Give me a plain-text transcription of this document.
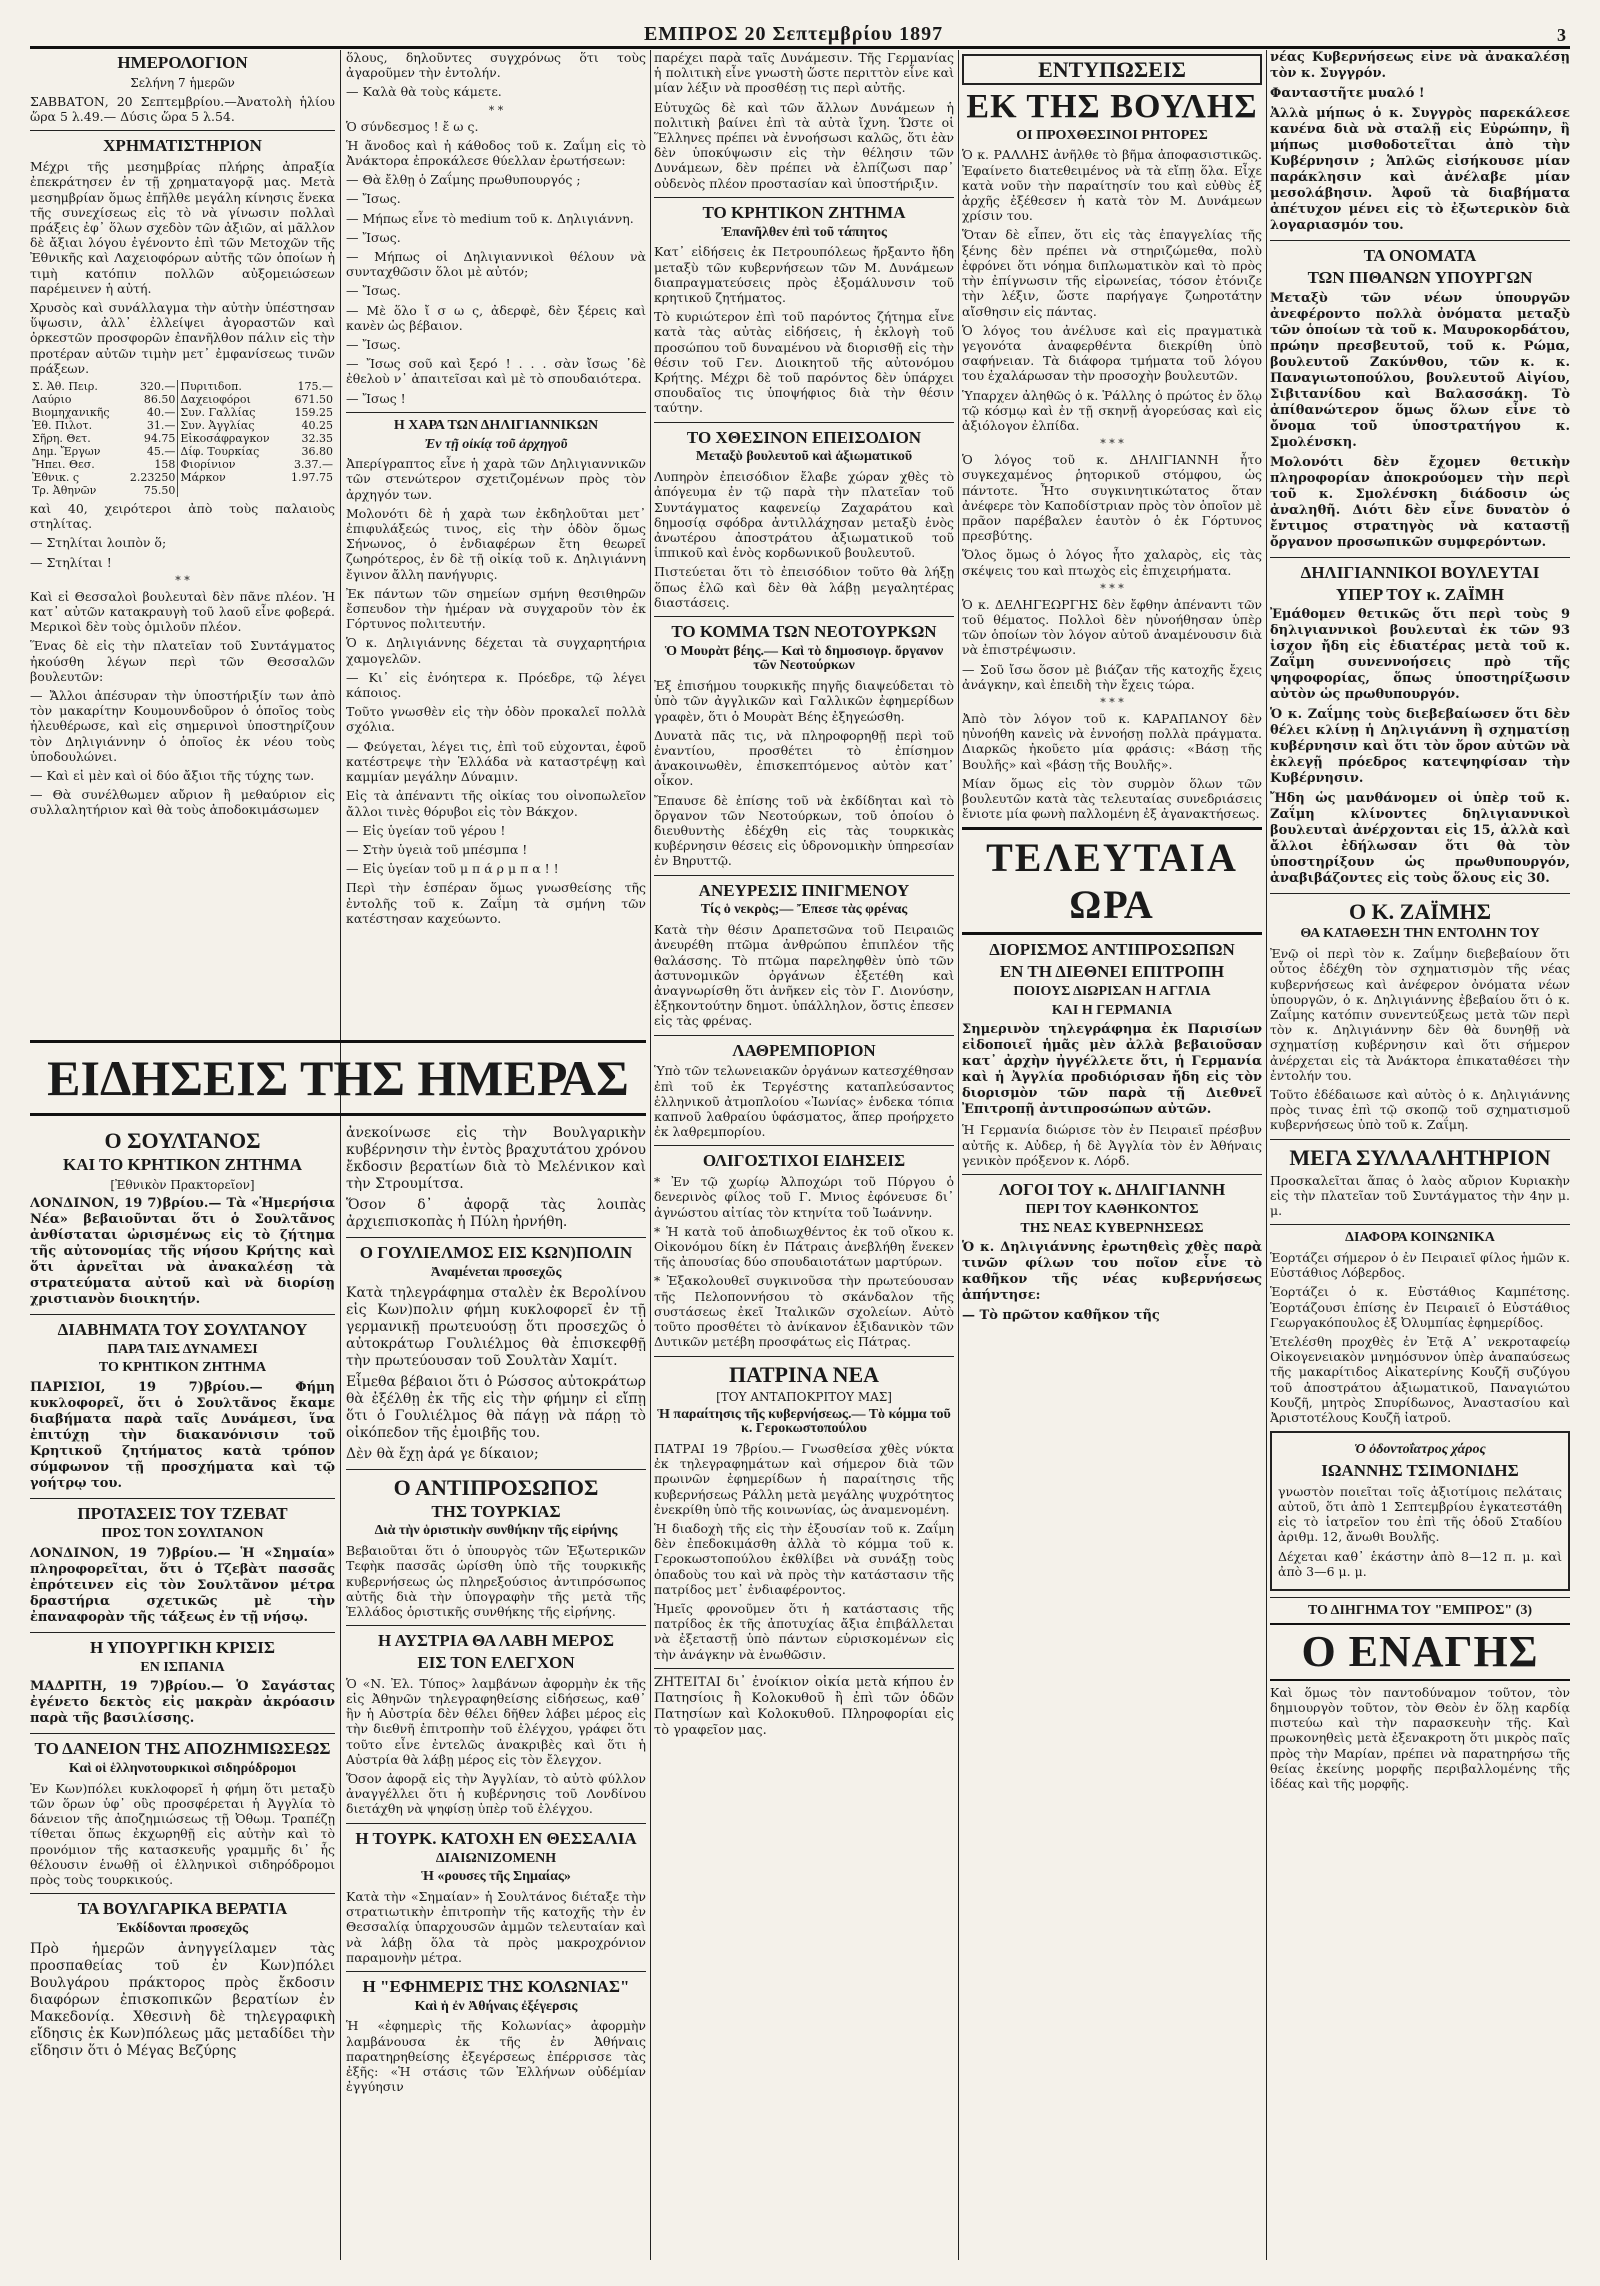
ΕΜΠΡΟΣ 20 Σεπτεμβρίου 1897	3
ΗΜΕΡΟΛΟΓΙΟΝ
Σελήνη 7 ἡμερῶν

ΣΑΒΒΑΤΟΝ, 20 Σεπτεμβρίου.—Ἀνατολὴ ἡλίου ὥρα 5 λ.49.— Δύσις ὥρα 5 λ.54.

ΧΡΗΜΑΤΙΣΤΗΡΙΟΝ

Μέχρι τῆς μεσημβρίας πλήρης ἀπραξία ἐπεκράτησεν ἐν τῇ χρηματαγορᾷ μας. Μετὰ μεσημβρίαν ὅμως ἐπῆλθε μεγάλη κίνησις ἕνεκα τῆς συνεχίσεως εἰς τὸ νὰ γίνωσιν πολλαὶ πράξεις ἐφ᾽ ὅλων σχεδὸν τῶν ἀξιῶν, αἱ μᾶλλον δὲ ἄξιαι λόγου ἐγένοντο ἐπὶ τῶν Μετοχῶν τῆς Ἐθνικῆς καὶ Λαχειοφόρων αὐτῆς τῶν ὁποίων ἡ τιμὴ κατόπιν πολλῶν αὐξομειώσεων παρέμεινεν ἡ αὐτή.

Χρυσὸς καὶ συνάλλαγμα τὴν αὐτὴν ὑπέστησαν ὕψωσιν, ἀλλ᾽ ἐλλείψει ἀγοραστῶν καὶ ὀρκεστῶν προσφορῶν ἐπανῆλθον πάλιν εἰς τὴν προτέραν αὐτῶν τιμὴν μετ᾽ ἐμφανίσεως τινῶν πράξεων.

Σ. Ἀθ. Πειρ.	320.—	Πυριτιδοπ.	175.—
Λαύριο	86.50	Δαχειοφόροι	671.50
Βιομηχανικῆς	40.—	Συν. Γαλλίας	159.25
Ἐθ. Πιλοτ.	31.—	Συν. Ἀγγλίας	40.25
Σῆρη. Θετ.	94.75	Εἰκοσάφραγκον	32.35
Δημ. Ἔργων	45.—	Δίφ. Τουρκίας	36.80
Ἤπει. Θεσ.	158	Φιορίνιον	3.37.—
Ἐθνικ. ς	2.23250	Μάρκον	1.97.75
Τρ. Ἀθηνῶν	75.50		

καὶ 40, χειρότεροι ἀπὸ τοὺς παλαιοὺς στηλίτας.

— Στηλίται λοιπὸν ὅ;

— Στηλίται !

* *

Καὶ εἰ Θεσσαλοὶ βουλευταὶ δὲν πᾶνε πλέον. Ἡ κατ᾽ αὐτῶν κατακραυγὴ τοῦ λαοῦ εἶνε φοβερά. Μερικοὶ δὲν τοὺς ὁμιλοῦν πλέον.

Ἕνας δὲ εἰς τὴν πλατεῖαν τοῦ Συντάγματος ἠκούσθη λέγων περὶ τῶν Θεσσαλῶν βουλευτῶν:

— Ἄλλοι ἀπέσυραν τὴν ὑποστήριξίν των ἀπὸ τὸν μακαρίτην Κουμουνδοῦρον ὁ ὁποῖος τοὺς ἠλευθέρωσε, καὶ εἰς σημερινοὶ ὑποστηρίζουν τὸν Δηλιγιάννην ὁ ὁποῖος ἐκ νέου τοὺς ὑποδουλώνει.

— Καὶ εἰ μὲν καὶ οἱ δύο ἄξιοι τῆς τύχης των.

— Θὰ συνέλθωμεν αὔριον ἢ μεθαύριον εἰς συλλαλητήριον καὶ θὰ τοὺς ἀποδοκιμάσωμεν

ὅλους, δηλοῦντες συγχρόνως ὅτι τοὺς ἀγαροῦμεν τὴν ἐντολήν.

— Καλὰ θὰ τοὺς κάμετε.

* *

Ὁ σύνδεσμος ! ἔ ω ς.

Ἡ ἄνοδος καὶ ἡ κάθοδος τοῦ κ. Ζαΐμη εἰς τὸ Ἀνάκτορα ἐπροκάλεσε θύελλαν ἐρωτήσεων:

— Θὰ ἔλθῃ ὁ Ζαΐμης πρωθυπουργός ;

— Ἴσως.

— Μήπως εἶνε τὸ medium τοῦ κ. Δηλιγιάννη.

— Ἴσως.

— Μήπως οἱ Δηλιγιαννικοὶ θέλουν νὰ συνταχθῶσιν ὅλοι μὲ αὐτόν;

— Ἴσως.

— Μὲ ὅλο ἴ σ ω ς, ἀδερφὲ, δὲν ξέρεις καὶ κανὲν ὡς βέβαιον.

— Ἴσως.

— Ἴσως σοῦ καὶ ξερό ! . . . σὰν ἴσως ᾽δὲ ἐθελοὺ ν᾽ ἀπαιτεῖσαι καὶ μὲ τὸ σπουδαιότερα.

— Ἴσως !

Η ΧΑΡΑ ΤΩΝ ΔΗΛΙΓΙΑΝΝΙΚΩΝ
Ἐν τῇ οἰκίᾳ τοῦ ἀρχηγοῦ

Ἀπερίγραπτος εἶνε ἡ χαρὰ τῶν Δηλιγιαννικῶν τῶν στενώτερον σχετιζομένων πρὸς τὸν ἀρχηγόν των.

Μολονότι δὲ ἡ χαρὰ των ἐκδηλοῦται μετ᾽ ἐπιφυλάξεώς τινος, εἰς τὴν ὁδὸν ὅμως Σήνωνος, ὁ ἐνδιαφέρων ἔτη θεωρεῖ ζωηρότερος, ἐν δὲ τῇ οἰκίᾳ τοῦ κ. Δηλιγιάννη ἔγινον ἄλλη πανήγυρις.

Ἐκ πάντων τῶν σημείων σμήνη θεσιθηρῶν ἔσπευδον τὴν ἡμέραν νὰ συγχαροῦν τὸν ἐκ Γόρτυνος πολιτευτήν.

Ὁ κ. Δηλιγιάννης δέχεται τὰ συγχαρητήρια χαμογελῶν.

— Κι᾽ εἰς ἐνόητερα κ. Πρόεδρε, τῷ λέγει κάποιος.

Τοῦτο γνωσθὲν εἰς τὴν ὁδὸν προκαλεῖ πολλὰ σχόλια.

— Φεύγεται, λέγει τις, ἐπὶ τοῦ εὐχονται, ἐφοῦ κατέστρεψε τὴν Ἑλλάδα νὰ καταστρέψῃ καὶ καμμίαν μεγάλην Δύναμιν.

Εἰς τὰ ἀπέναντι τῆς οἰκίας του οἰνοπωλεῖον ἄλλοι τινὲς θόρυβοι εἰς τὸν Βάκχον.

— Εἰς ὑγείαν τοῦ γέρου !

— Στὴν ὑγειὰ τοῦ μπέσμπα !

— Εἰς ὑγείαν τοῦ μ π ά ρ μ π α ! !

Περὶ τὴν ἑσπέραν ὅμως γνωσθείσης τῆς ἐντολῆς τοῦ κ. Ζαΐμη τὰ σμήνη τῶν κατέστησαν καχεύωντο.

ΕΙΔΗΣΕΙΣ ΤΗΣ ΗΜΕΡΑΣ
Ο ΣΟΥΛΤΑΝΟΣ
ΚΑΙ ΤΟ ΚΡΗΤΙΚΟΝ ΖΗΤΗΜΑ
[Ἐθνικὸν Πρακτορεῖον]

ΛΟΝΔΙΝΟΝ, 19 7)βρίου.— Τὰ «Ἡμερήσια Νέα» βεβαιοῦνται ὅτι ὁ Σουλτᾶνος ἀνθίσταται ὠρισμένως εἰς τὸ ζήτημα τῆς αὐτονομίας τῆς νήσου Κρήτης καὶ ὅτι ἀρνεῖται νὰ ἀνακαλέσῃ τὰ στρατεύματα αὐτοῦ καὶ νὰ διορίσῃ χριστιανὸν διοικητήν.

ΔΙΑΒΗΜΑΤΑ ΤΟΥ ΣΟΥΛΤΑΝΟΥ
ΠΑΡΑ ΤΑΙΣ ΔΥΝΑΜΕΣΙ
ΤΟ ΚΡΗΤΙΚΟΝ ΖΗΤΗΜΑ

ΠΑΡΙΣΙΟΙ, 19 7)βρίου.— Φήμη κυκλοφορεῖ, ὅτι ὁ Σουλτᾶνος ἔκαμε διαβήματα παρὰ ταῖς Δυνάμεσι, ἵνα ἐπιτύχῃ τὴν διακανόνισιν τοῦ Κρητικοῦ ζητήματος κατὰ τρόπον σύμφωνον τῇ προσχήματα καὶ τῷ γοήτρῳ του.

ΠΡΟΤΑΣΕΙΣ ΤΟΥ ΤΖΕΒΑΤ
ΠΡΟΣ ΤΟΝ ΣΟΥΛΤΑΝΟΝ

ΛΟΝΔΙΝΟΝ, 19 7)βρίου.— Ἡ «Σημαία» πληροφορεῖται, ὅτι ὁ Τζεβὰτ πασσᾶς ἐπρότεινεν εἰς τὸν Σουλτᾶνον μέτρα δραστήρια σχετικῶς μὲ τὴν ἐπαναφορὰν τῆς τάξεως ἐν τῇ νήσῳ.

Η ΥΠΟΥΡΓΙΚΗ ΚΡΙΣΙΣ
ΕΝ ΙΣΠΑΝΙΑ

ΜΑΔΡΙΤΗ, 19 7)βρίου.— Ὁ Σαγάστας ἐγένετο δεκτὸς εἰς μακρὰν ἀκρόασιν παρὰ τῆς βασιλίσσης.

ΤΟ ΔΑΝΕΙΟΝ ΤΗΣ ΑΠΟΖΗΜΙΩΣΕΩΣ
Καὶ οἱ ἑλληνοτουρκικοὶ σιδηρόδρομοι

Ἐν Κων)πόλει κυκλοφορεῖ ἡ φήμη ὅτι μεταξὺ τῶν ὅρων ὑφ᾽ οὓς προσφέρεται ἡ Ἀγγλία τὸ δάνειον τῆς ἀποζημιώσεως τῇ Ὀθωμ. Τραπέζῃ τίθεται ὅπως ἐκχωρηθῇ εἰς αὐτὴν καὶ τὸ προνόμιον τῆς κατασκευῆς γραμμῆς δι᾽ ἧς θέλουσιν ἑνωθῇ οἱ ἑλληνικοὶ σιδηρόδρομοι πρὸς τοὺς τουρκικούς.

ΤΑ ΒΟΥΛΓΑΡΙΚΑ ΒΕΡΑΤΙΑ
Ἐκδίδονται προσεχῶς

Πρὸ ἡμερῶν ἀνηγγείλαμεν τὰς προσπαθείας τοῦ ἐν Κων)πόλει Βουλγάρου πράκτορος πρὸς ἔκδοσιν διαφόρων ἐπισκοπικῶν βερατίων ἐν Μακεδονίᾳ. Χθεσινὴ δὲ τηλεγραφικὴ εἴδησις ἐκ Κων)πόλεως μᾶς μεταδίδει τὴν εἴδησιν ὅτι ὁ Μέγας Βεζύρης

ἀνεκοίνωσε εἰς τὴν Βουλγαρικὴν κυβέρνησιν τὴν ἐντὸς βραχυτάτου χρόνου ἔκδοσιν βερατίων διὰ τὸ Μελένικον καὶ τὴν Στρουμίτσα.

Ὅσον δ᾽ ἀφορᾷ τὰς λοιπὰς ἀρχιεπισκοπὰς ἡ Πύλη ἠρνήθη.

Ο ΓΟΥΛΙΕΛΜΟΣ ΕΙΣ ΚΩΝ)ΠΟΛΙΝ
Ἀναμένεται προσεχῶς

Κατὰ τηλεγράφημα σταλὲν ἐκ Βερολίνου εἰς Κων)πολιν φήμη κυκλοφορεῖ ἐν τῇ γερμανικῇ πρωτευούσῃ ὅτι προσεχῶς ὁ αὐτοκράτωρ Γουλιέλμος θὰ ἐπισκεφθῇ τὴν πρωτεύουσαν τοῦ Σουλτὰν Χαμίτ.

Εἶμεθα βέβαιοι ὅτι ὁ Ρώσσος αὐτοκράτωρ θὰ ἐξέλθῃ ἐκ τῆς εἰς τὴν φήμην εἰ εἴπῃ ὅτι ὁ Γουλιέλμος θὰ πάγῃ νὰ πάρῃ τὸ οἰκόπεδον τῆς ἐμοιβῆς του.

Δὲν θὰ ἔχῃ ἀρά γε δίκαιον;

Ο ΑΝΤΙΠΡΟΣΩΠΟΣ
ΤΗΣ ΤΟΥΡΚΙΑΣ
Διὰ τὴν ὁριστικὴν συνθήκην τῆς εἰρήνης

Βεβαιοῦται ὅτι ὁ ὑπουργὸς τῶν Ἐξωτερικῶν Τεφὴκ πασσᾶς ὡρίσθη ὑπὸ τῆς τουρκικῆς κυβερνήσεως ὡς πληρεξούσιος ἀντιπρόσωπος αὐτῆς διὰ τὴν ὑπογραφὴν τῆς μετὰ τῆς Ἑλλάδος ὁριστικῆς συνθήκης τῆς εἰρήνης.

Η ΑΥΣΤΡΙΑ ΘΑ ΛΑΒΗ ΜΕΡΟΣ
ΕΙΣ ΤΟΝ ΕΛΕΓΧΟΝ

Ὁ «Ν. Ἐλ. Τύπος» λαμβάνων ἀφορμὴν ἐκ τῆς εἰς Ἀθηνῶν τηλεγραφηθείσης εἰδήσεως, καθ᾽ ἣν ἡ Αὐστρία δὲν θέλει δῆθεν λάβει μέρος εἰς τὴν διεθνῆ ἐπιτροπὴν τοῦ ἐλέγχου, γράφει ὅτι τοῦτο εἶνε ἐντελῶς ἀνακριβὲς καὶ ὅτι ἡ Αὐστρία θὰ λάβῃ μέρος εἰς τὸν ἔλεγχον.

Ὅσον ἀφορᾷ εἰς τὴν Ἀγγλίαν, τὸ αὐτὸ φύλλον ἀναγγέλλει ὅτι ἡ κυβέρνησις τοῦ Λονδίνου διετάχθη νὰ ψηφίσῃ ὑπὲρ τοῦ ἐλέγχου.

Η ΤΟΥΡΚ. ΚΑΤΟΧΗ ΕΝ ΘΕΣΣΑΛΙΑ
ΔΙΑΙΩΝΙΖΟΜΕΝΗ
Ἡ «ρουσες τῆς Σημαίας»

Κατὰ τὴν «Σημαίαν» ἡ Σουλτάνος διέταξε τὴν στρατιωτικὴν ἐπιτροπὴν τῆς κατοχῆς τὴν ἐν Θεσσαλίᾳ ὑπαρχουσῶν ἀμμῶν τελευταίαν καὶ νὰ λάβῃ ὅλα τὰ πρὸς μακροχρόνιον παραμονὴν μέτρα.

Η "ΕΦΗΜΕΡΙΣ ΤΗΣ ΚΟΛΩΝΙΑΣ"
Καὶ ἡ ἐν Ἀθήναις ἐξέγερσις

Ἡ «ἐφημερὶς τῆς Κολωνίας» ἀφορμὴν λαμβάνουσα ἐκ τῆς ἐν Ἀθήναις παρατηρηθείσης ἐξεγέρσεως ἐπέρρισσε τὰς ἐξῆς: «Ἡ στάσις τῶν Ἑλλήνων οὐδέμίαν ἐγγύησιν

παρέχει παρὰ ταῖς Δυνάμεσιν. Τῆς Γερμανίας ἡ πολιτικὴ εἶνε γνωστὴ ὥστε περιττὸν εἶνε καὶ μίαν λέξιν νὰ προσθέσῃ τις περὶ αὐτῆς.

Εὐτυχῶς δὲ καὶ τῶν ἄλλων Δυνάμεων ἡ πολιτικὴ βαίνει ἐπὶ τὰ αὐτὰ ἴχνη. Ὥστε οἱ Ἕλληνες πρέπει νὰ ἐννοήσωσι καλῶς, ὅτι ἐὰν δὲν ὑποκύψωσιν εἰς τὴν θέλησιν τῶν Δυνάμεων, δὲν πρέπει νὰ ἐλπίζωσι παρ᾽ οὐδενὸς πλέον προστασίαν καὶ ὑποστήριξιν.

ΤΟ ΚΡΗΤΙΚΟΝ ΖΗΤΗΜΑ
Ἐπανῆλθεν ἐπὶ τοῦ τάπητος

Κατ᾽ εἰδήσεις ἐκ Πετρουπόλεως ἤρξαντο ἤδη μεταξὺ τῶν κυβερνήσεων τῶν Μ. Δυνάμεων διαπραγματεύσεις πρὸς ἐξομάλυνσιν τοῦ κρητικοῦ ζητήματος.

Τὸ κυριώτερον ἐπὶ τοῦ παρόντος ζήτημα εἶνε κατὰ τὰς αὐτὰς εἰδήσεις, ἡ ἐκλογὴ τοῦ προσώπου τοῦ δυναμένου νὰ διορισθῇ εἰς τὴν θέσιν τοῦ Γεν. Διοικητοῦ τῆς αὐτονόμου Κρήτης. Μέχρι δὲ τοῦ παρόντος δὲν ὑπάρχει σπουδαῖος τις ὑποψήφιος διὰ τὴν θέσιν ταύτην.

ΤΟ ΧΘΕΣΙΝΟΝ ΕΠΕΙΣΟΔΙΟΝ
Μεταξὺ βουλευτοῦ καὶ ἀξιωματικοῦ

Λυπηρὸν ἐπεισόδιον ἔλαβε χώραν χθὲς τὸ ἀπόγευμα ἐν τῷ παρὰ τὴν πλατεῖαν τοῦ Συντάγματος καφενείῳ Ζαχαράτου καὶ δημοσίᾳ σφόδρα ἀντιλλάχησαν μεταξὺ ἑνὸς ἀνωτέρου ἀποστράτου ἀξιωματικοῦ τοῦ ἱππικοῦ καὶ ἑνὸς κορδωνικοῦ βουλευτοῦ.

Πιστεύεται ὅτι τὸ ἐπεισόδιον τοῦτο θὰ λήξῃ ὅπως ἐλῶ καὶ δὲν θὰ λάβῃ μεγαλητέρας διαστάσεις.

ΤΟ ΚΟΜΜΑ ΤΩΝ ΝΕΟΤΟΥΡΚΩΝ
Ὁ Μουρὰτ βέης.— Καὶ τὸ δημοσιογρ. ὄργανον τῶν Νεοτούρκων

Ἐξ ἐπισήμου τουρκικῆς πηγῆς διαψεύδεται τὸ ὑπὸ τῶν ἀγγλικῶν καὶ Γαλλικῶν ἐφημερίδων γραφὲν, ὅτι ὁ Μουρὰτ Βέης ἐξηγεώσθη.

Δυνατὰ πᾶς τις, νὰ πληροφορηθῇ περὶ τοῦ ἐναντίου, προσθέτει τὸ ἐπίσημον ἀνακοινωθὲν, ἐπισκεπτόμενος αὐτὸν κατ᾽ οἶκον.

Ἔπαυσε δὲ ἐπίσης τοῦ νὰ ἐκδίδηται καὶ τὸ ὄργανον τῶν Νεοτούρκων, τοῦ ὁποίου ὁ διευθυντὴς ἐδέχθη εἰς τὰς τουρκικὰς κυβέρνησιν θέσεις εἰς ὑδρονομικὴν ὑπηρεσίαν ἐν Βηρυττῷ.

ΑΝΕΥΡΕΣΙΣ ΠΝΙΓΜΕΝΟΥ
Τίς ὁ νεκρὸς;— Ἔπεσε τὰς φρένας

Κατὰ τὴν θέσιν Δραπετσῶνα τοῦ Πειραιῶς ἀνευρέθη πτῶμα ἀνθρώπου ἐπιπλέον τῆς θαλάσσης. Τὸ πτῶμα παρεληφθὲν ὑπὸ τῶν ἀστυνομικῶν ὀργάνων ἐξετέθη καὶ ἀναγνωρίσθη ὅτι ἀνῆκεν εἰς τὸν Γ. Διονύσην, ἐξηκοντούτην δημοτ. ὑπάλληλον, ὅστις ἐπεσεν εἰς τὰς φρένας.

ΛΑΘΡΕΜΠΟΡΙΟΝ

Ὑπὸ τῶν τελωνειακῶν ὀργάνων κατεσχέθησαν ἐπὶ τοῦ ἐκ Τεργέστης καταπλεύσαντος ἑλληνικοῦ ἀτμοπλοίου «Ἰωνίας» ἑνδεκα τόπια καπνοῦ λαθραίου ὑφάσματος, ἅπερ προήρχετο ἐκ λαθρεμπορίου.

ΟΛΙΓΟΣΤΙΧΟΙ ΕΙΔΗΣΕΙΣ

* Ἐν τῷ χωρίῳ Ἀλποχώρι τοῦ Πύργου ὁ δενερινὸς φίλος τοῦ Γ. Μνιος ἐφόνευσε δι᾽ ἀγνώστου αἰτίας τὸν κτηνίτα τοῦ Ἰωάννην.

* Ἡ κατὰ τοῦ ἀποδιωχθέντος ἐκ τοῦ οἴκου κ. Οἰκονόμου δίκη ἐν Πάτραις ἀνεβλήθη ἕνεκεν τῆς ἀπουσίας δύο σπουδαιοτάτων μαρτύρων.

* Ἐξακολουθεῖ συγκινοῦσα τὴν πρωτεύουσαν τῆς Πελοποννήσου τὸ σκάνδαλον τῆς συστάσεως ἐκεῖ Ἰταλικῶν σχολείων. Αὐτὸ τοῦτο προσθέτει τὸ ἀνίκανον ἐξιδανικὸν τῶν Δυτικῶν μετέβη προσφάτως εἰς Πάτρας.

ΠΑΤΡΙΝΑ ΝΕΑ
[ΤΟΥ ΑΝΤΑΠΟΚΡΙΤΟΥ ΜΑΣ]
Ἡ παραίτησις τῆς κυβερνήσεως.— Τὸ κόμμα τοῦ κ. Γεροκωστοπούλου

ΠΑΤΡΑΙ 19 7βρίου.— Γνωσθείσα χθὲς νύκτα ἐκ τηλεγραφημάτων καὶ σήμερον διὰ τῶν πρωινῶν ἐφημερίδων ἡ παραίτησις τῆς κυβερνήσεως Ράλλη μετὰ μεγάλης ψυχρότητος ἐνεκρίθη ὑπὸ τῆς κοινωνίας, ὡς ἀναμενομένη.

Ἡ διαδοχὴ τῆς εἰς τὴν ἐξουσίαν τοῦ κ. Ζαΐμη δὲν ἐπεδοκιμάσθη ἀλλὰ τὸ κόμμα τοῦ κ. Γεροκωστοπούλου ἐκθλίβει νὰ συνάξῃ τοὺς ὀπαδοὺς του καὶ νὰ πρὸς τὴν κατάστασιν τῆς πατρίδος μετ᾽ ἐνδιαφέροντος.

Ἡμεῖς φρονοῦμεν ὅτι ἡ κατάστασις τῆς πατρίδος ἐκ τῆς ἀποτυχίας ἄξια ἐπιβάλλεται νὰ ἐξεταστῇ ὑπὸ πάντων εὑρισκομένων εἰς τὴν ἀνάγκην νὰ ἐνωθῶσιν.

ΖΗΤΕΙΤΑΙ δι᾽ ἐνοίκιον οἰκία μετὰ κήπου ἐν Πατησίοις ἢ Κολοκυθοῦ ἢ ἐπὶ τῶν ὁδῶν Πατησίων καὶ Κολοκυθοῦ. Πληροφορίαι εἰς τὸ γραφεῖον μας.

ΕΝΤΥΠΩΣΕΙΣ
ΕΚ ΤΗΣ ΒΟΥΛΗΣ
ΟΙ ΠΡΟΧΘΕΣΙΝΟΙ ΡΗΤΟΡΕΣ

Ὁ κ. ΡΑΛΛΗΣ ἀνῆλθε τὸ βῆμα ἀποφασιστικῶς. Ἐφαίνετο διατεθειμένος νὰ τὰ εἴπῃ ὅλα. Εἶχε κατὰ νοῦν τὴν παραίτησίν του καὶ εὐθὺς ἐξ ἀρχῆς ἐξέθεσεν ἡ κατὰ τὸν Μ. Δυνάμεων χρίσιν του.

Ὅταν δὲ εἶπεν, ὅτι εἰς τὰς ἐπαγγελίας τῆς ξένης δὲν πρέπει νὰ στηριζώμεθα, πολὺ ἐφρόνει ὅτι νόημα διπλωματικὸν καὶ τὸ πρὸς τὴν ἐπίγνωσιν τῆς εἰρωνείας, τόσον ἐτόνιζε τὴν λέξιν, ὥστε παρήγαγε ζωηροτάτην αἴσθησιν εἰς πάντας.

Ὁ λόγος του ἀνέλυσε καὶ εἰς πραγματικὰ γεγονότα ἀναφερθέντα διεκρίθη ὑπὸ σαφήνειαν. Τὰ διάφορα τμήματα τοῦ λόγου του ἐχαλάρωσαν τὴν προσοχὴν βουλευτῶν.

Ὑπαρχεν ἀληθῶς ὁ κ. Ῥάλλης ὁ πρώτος ἐν ὅλῳ τῷ κόσμῳ καὶ ἐν τῇ σκηνῇ ἀγορεύσας καὶ εἰς ἀξιόλογον ἐλπίδα.

* * *

Ὁ λόγος τοῦ κ. ΔΗΛΙΓΙΑΝΝΗ ἦτο συγκεχαμένος ῥητορικοῦ στόμφου, ὡς πάντοτε. Ἦτο συγκινητικώτατος ὅταν ἀνέφερε τὸν Καποδίστριαν πρὸς τὸν ὁποῖον μὲ πρᾶον παρέβαλεν ἑαυτὸν ὁ ἐκ Γόρτυνος πρεσβύτης.

Ὅλος ὅμως ὁ λόγος ἦτο χαλαρὸς, εἰς τὰς σκέψεις του καὶ πτωχὸς εἰς ἐπιχειρήματα.

* * *

Ὁ κ. ΔΕΛΗΓΕΩΡΓΗΣ δὲν ἔφθην ἀπέναντι τῶν τοῦ θέματος. Πολλοὶ δὲν ηὐνοήθησαν ὑπὲρ τῶν ὁποίων τὸν λόγον αὐτοῦ ἀναμένουσιν διὰ νὰ ἐπιστρέψωσιν.

— Σοῦ ἴσω ὅσον μὲ βιάζαν τῆς κατοχῆς ἔχεις ἀνάγκην, καὶ ἐπειδὴ τὴν ἔχεις τώρα.

* * *

Ἀπὸ τὸν λόγον τοῦ κ. ΚΑΡΑΠΑΝΟΥ δὲν ηὐνοήθη κανεὶς νὰ ἐννοήσῃ πολλὰ πράγματα. Διαρκῶς ἠκοῦετο μία φράσις: «Βάσῃ τῆς Βουλῆς» καὶ «βάσῃ τῆς Βουλῆς».

Μίαν ὅμως εἰς τὸν συρμὸν ὅλων τῶν βουλευτῶν κατὰ τὰς τελευταίας συνεδριάσεις ἔνιοτε μία φωνὴ παλλομένη ἐξ ἀγανακτήσεως.

ΤΕΛΕΥΤΑΙΑ ΩΡΑ
ΔΙΟΡΙΣΜΟΣ ΑΝΤΙΠΡΟΣΩΠΩΝ
ΕΝ ΤΗ ΔΙΕΘΝΕΙ ΕΠΙΤΡΟΠΗ
ΠΟΙΟΥΣ ΔΙΩΡΙΣΑΝ Η ΑΓΓΛΙΑ
ΚΑΙ Η ΓΕΡΜΑΝΙΑ

Σημερινὸν τηλεγράφημα ἐκ Παρισίων εἰδοποιεῖ ἡμᾶς μὲν ἀλλὰ βεβαιοῦσαν κατ᾽ ἀρχὴν ἠγγέλλετε ὅτι, ἡ Γερμανία καὶ ἡ Ἀγγλία προδιόρισαν ἤδη εἰς τὸν διορισμὸν τῶν παρὰ τῇ Διεθνεῖ Ἐπιτροπῇ ἀντιπροσώπων αὐτῶν.

Ἡ Γερμανία διώρισε τὸν ἐν Πειραιεῖ πρέσβυν αὐτῆς κ. Αὐδερ, ἡ δὲ Ἀγγλία τὸν ἐν Ἀθήναις γενικὸν πρόξενον κ. Λόρδ.

ΛΟΓΟΙ ΤΟΥ κ. ΔΗΛΙΓΙΑΝΝΗ
ΠΕΡΙ ΤΟΥ ΚΑΘΗΚΟΝΤΟΣ
ΤΗΣ ΝΕΑΣ ΚΥΒΕΡΝΗΣΕΩΣ

Ὁ κ. Δηλιγιάννης ἐρωτηθεὶς χθὲς παρὰ τινῶν φίλων του ποῖον εἶνε τὸ καθῆκον τῆς νέας κυβερνήσεως ἀπήντησε:

— Τὸ πρῶτον καθῆκον τῆς

νέας Κυβερνήσεως εἶνε νὰ ἀνακαλέσῃ τὸν κ. Συγγρόν.

Φανταστῆτε μυαλό !

Ἀλλὰ μήπως ὁ κ. Συγγρὸς παρεκάλεσε κανένα διὰ νὰ σταλῇ εἰς Εὐρώπην, ἢ μήπως μισθοδοτεῖται ἀπὸ τὴν Κυβέρνησιν ; Ἁπλῶς εἰσήκουσε μίαν παράκλησιν καὶ ἀνέλαβε μίαν μεσολάβησιν. Ἀφοῦ τὰ διαβήματα ἀπέτυχον μένει εἰς τὸ ἐξωτερικὸν διὰ λογαριασμόν του.

ΤΑ ΟΝΟΜΑΤΑ
ΤΩΝ ΠΙΘΑΝΩΝ ΥΠΟΥΡΓΩΝ

Μεταξὺ τῶν νέων ὑπουργῶν ἀνεφέροντο πολλὰ ὀνόματα μεταξὺ τῶν ὁποίων τὰ τοῦ κ. Μαυροκορδάτου, πρώην πρεσβευτοῦ, τοῦ κ. Ρώμα, βουλευτοῦ Ζακύνθου, τῶν κ. κ. Παναγιωτοπούλου, βουλευτοῦ Αἰγίου, Σιβιτανίδου καὶ Βαλασσάκη. Τὸ ἀπίθανώτερον ὅμως ὅλων εἶνε τὸ ὄνομα τοῦ ὑποστρατήγου κ. Σμολένσκη.

Μολονότι δὲν ἔχομεν θετικὴν πληροφορίαν ἀποκρούομεν τὴν περὶ τοῦ κ. Σμολένσκη διάδοσιν ὡς ἀναληθῆ. Διότι δὲν εἶνε δυνατὸν ὁ ἔντιμος στρατηγὸς νὰ καταστῇ ὄργανον προσωπικῶν συμφερόντων.

ΔΗΛΙΓΙΑΝΝΙΚΟΙ ΒΟΥΛΕΥΤΑΙ
ΥΠΕΡ ΤΟΥ κ. ΖΑΪΜΗ

Ἐμάθομεν θετικῶς ὅτι περὶ τοὺς 9 δηλιγιαννικοὶ βουλευταὶ ἐκ τῶν 93 ἰσχον ἤδη εἰς ἐδιατέρας μετὰ τοῦ κ. Ζαΐμη συνεννοήσεις πρὸ τῆς ψηφοφορίας, ὅπως ὑποστηρίξωσιν αὐτὸν ὡς πρωθυπουργόν.

Ὁ κ. Ζαΐμης τοὺς διεβεβαίωσεν ὅτι δὲν θέλει κλίνῃ ἡ Δηλιγιάννη ἢ σχηματίσῃ κυβέρνησιν καὶ ὅτι τὸν ὅρον αὐτῶν νὰ ἐκλεγῇ πρόεδρος κατεψηφίσαν τὴν Κυβέρνησιν.

Ἤδη ὡς μανθάνομεν οἱ ὑπὲρ τοῦ κ. Ζαΐμη κλίνοντες δηλιγιαννικοὶ βουλευταὶ ἀνέρχονται εἰς 15, ἀλλὰ καὶ ἄλλοι ἐδήλωσαν ὅτι θὰ τὸν ὑποστηρίξουν ὡς πρωθυπουργόν, ἀναβιβάζοντες εἰς τοὺς ὅλους εἰς 30.

Ο Κ. ΖΑΪΜΗΣ
ΘΑ ΚΑΤΑΘΕΣΗ ΤΗΝ ΕΝΤΟΛΗΝ ΤΟΥ

Ἐνῷ οἱ περὶ τὸν κ. Ζαΐμην διεβεβαίουν ὅτι οὗτος ἐδέχθη τὸν σχηματισμὸν τῆς νέας κυβερνήσεως καὶ ἀνέφερον ὀνόματα νέων ὑπουργῶν, ὁ κ. Δηλιγιάννης ἐβεβαίου ὅτι ὁ κ. Ζαΐμης κατόπιν συνεντεύξεως μετὰ τῶν περὶ τὸν κ. Δηλιγιάννην δὲν θὰ δυνηθῇ νὰ σχηματίσῃ κυβέρνησιν καὶ ὅτι σήμερον ἀνέρχεται εἰς τὰ Ἀνάκτορα ἐπικαταθέσει τὴν ἐντολήν του.

Τοῦτο ἐδέδαιωσε καὶ αὐτὸς ὁ κ. Δηλιγιάννης πρὸς τινας ἐπὶ τῷ σκοπῷ τοῦ σχηματισμοῦ κυβερνήσεως ὑπὸ τοῦ κ. Ζαΐμη.

ΜΕΓΑ ΣΥΛΛΑΛΗΤΗΡΙΟΝ

Προσκαλεῖται ἅπας ὁ λαὸς αὔριον Κυριακὴν εἰς τὴν πλατεῖαν τοῦ Συντάγματος τὴν 4ην μ. μ.

ΔΙΑΦΟΡΑ ΚΟΙΝΩΝΙΚΑ

Ἑορτάζει σήμερον ὁ ἐν Πειραιεῖ φίλος ἡμῶν κ. Εὐστάθιος Λόβερδος.

Ἑορτάζει ὁ κ. Εὐστάθιος Καμπέτσης. Ἑορτάζουσι ἐπίσης ἐν Πειραιεῖ ὁ Εὐστάθιος Γεωργακόπουλος ἐξ Ὀλυμπίας ἐφημερίδος.

Ἐτελέσθη προχθὲς ἐν Ἐτᾷ Α᾽ νεκροταφείῳ Οἰκογενειακὸν μνημόσυνον ὑπὲρ ἀναπαύσεως τῆς μακαρίτιδος Αἰκατερίνης Κουζῆ συζύγου τοῦ ἀποστράτου ἀξιωματικοῦ, Παναγιώτου Κουζῆ, μητρὸς Σπυρίδωνος, Ἀναστασίου καὶ Ἀριστοτέλους Κουζῆ ἰατροῦ.

Ὁ ὀδοντοΐατρος χάρος
ΙΩΑΝΝΗΣ ΤΣΙΜΟΝΙΔΗΣ

γνωστὸν ποιεῖται τοῖς ἀξιοτίμοις πελάταις αὐτοῦ, ὅτι ἀπὸ 1 Σεπτεμβρίου ἐγκατεστάθη εἰς τὸ ἰατρεῖον του ἐπὶ τῆς ὁδοῦ Σταδίου ἀριθμ. 12, ἄνωθι Βουλῆς.

Δέχεται καθ᾽ ἑκάστην ἀπὸ 8—12 π. μ. καὶ ἀπὸ 3—6 μ. μ.

ΤΟ ΔΙΗΓΗΜΑ ΤΟΥ "ΕΜΠΡΟΣ" (3)
Ο ΕΝΑΓΗΣ

Καὶ ὅμως τὸν παντοδύναμον τοῦτον, τὸν δημιουργὸν τοῦτον, τὸν Θεὸν ἐν ὅλῃ καρδίᾳ πιστεύω καὶ τὴν παρασκευὴν τῆς. Καὶ πρωκονηθεὶς μετὰ ἐξενακροτη ὅτι μικρὸς παῖς πρὸς τὴν Μαρίαν, πρέπει νὰ παρατηρήσω τῆς θείας ἐκείνης μορφῆς περιβαλλομένης τῆς ἰδέας καὶ τῆς μορφῆς.
